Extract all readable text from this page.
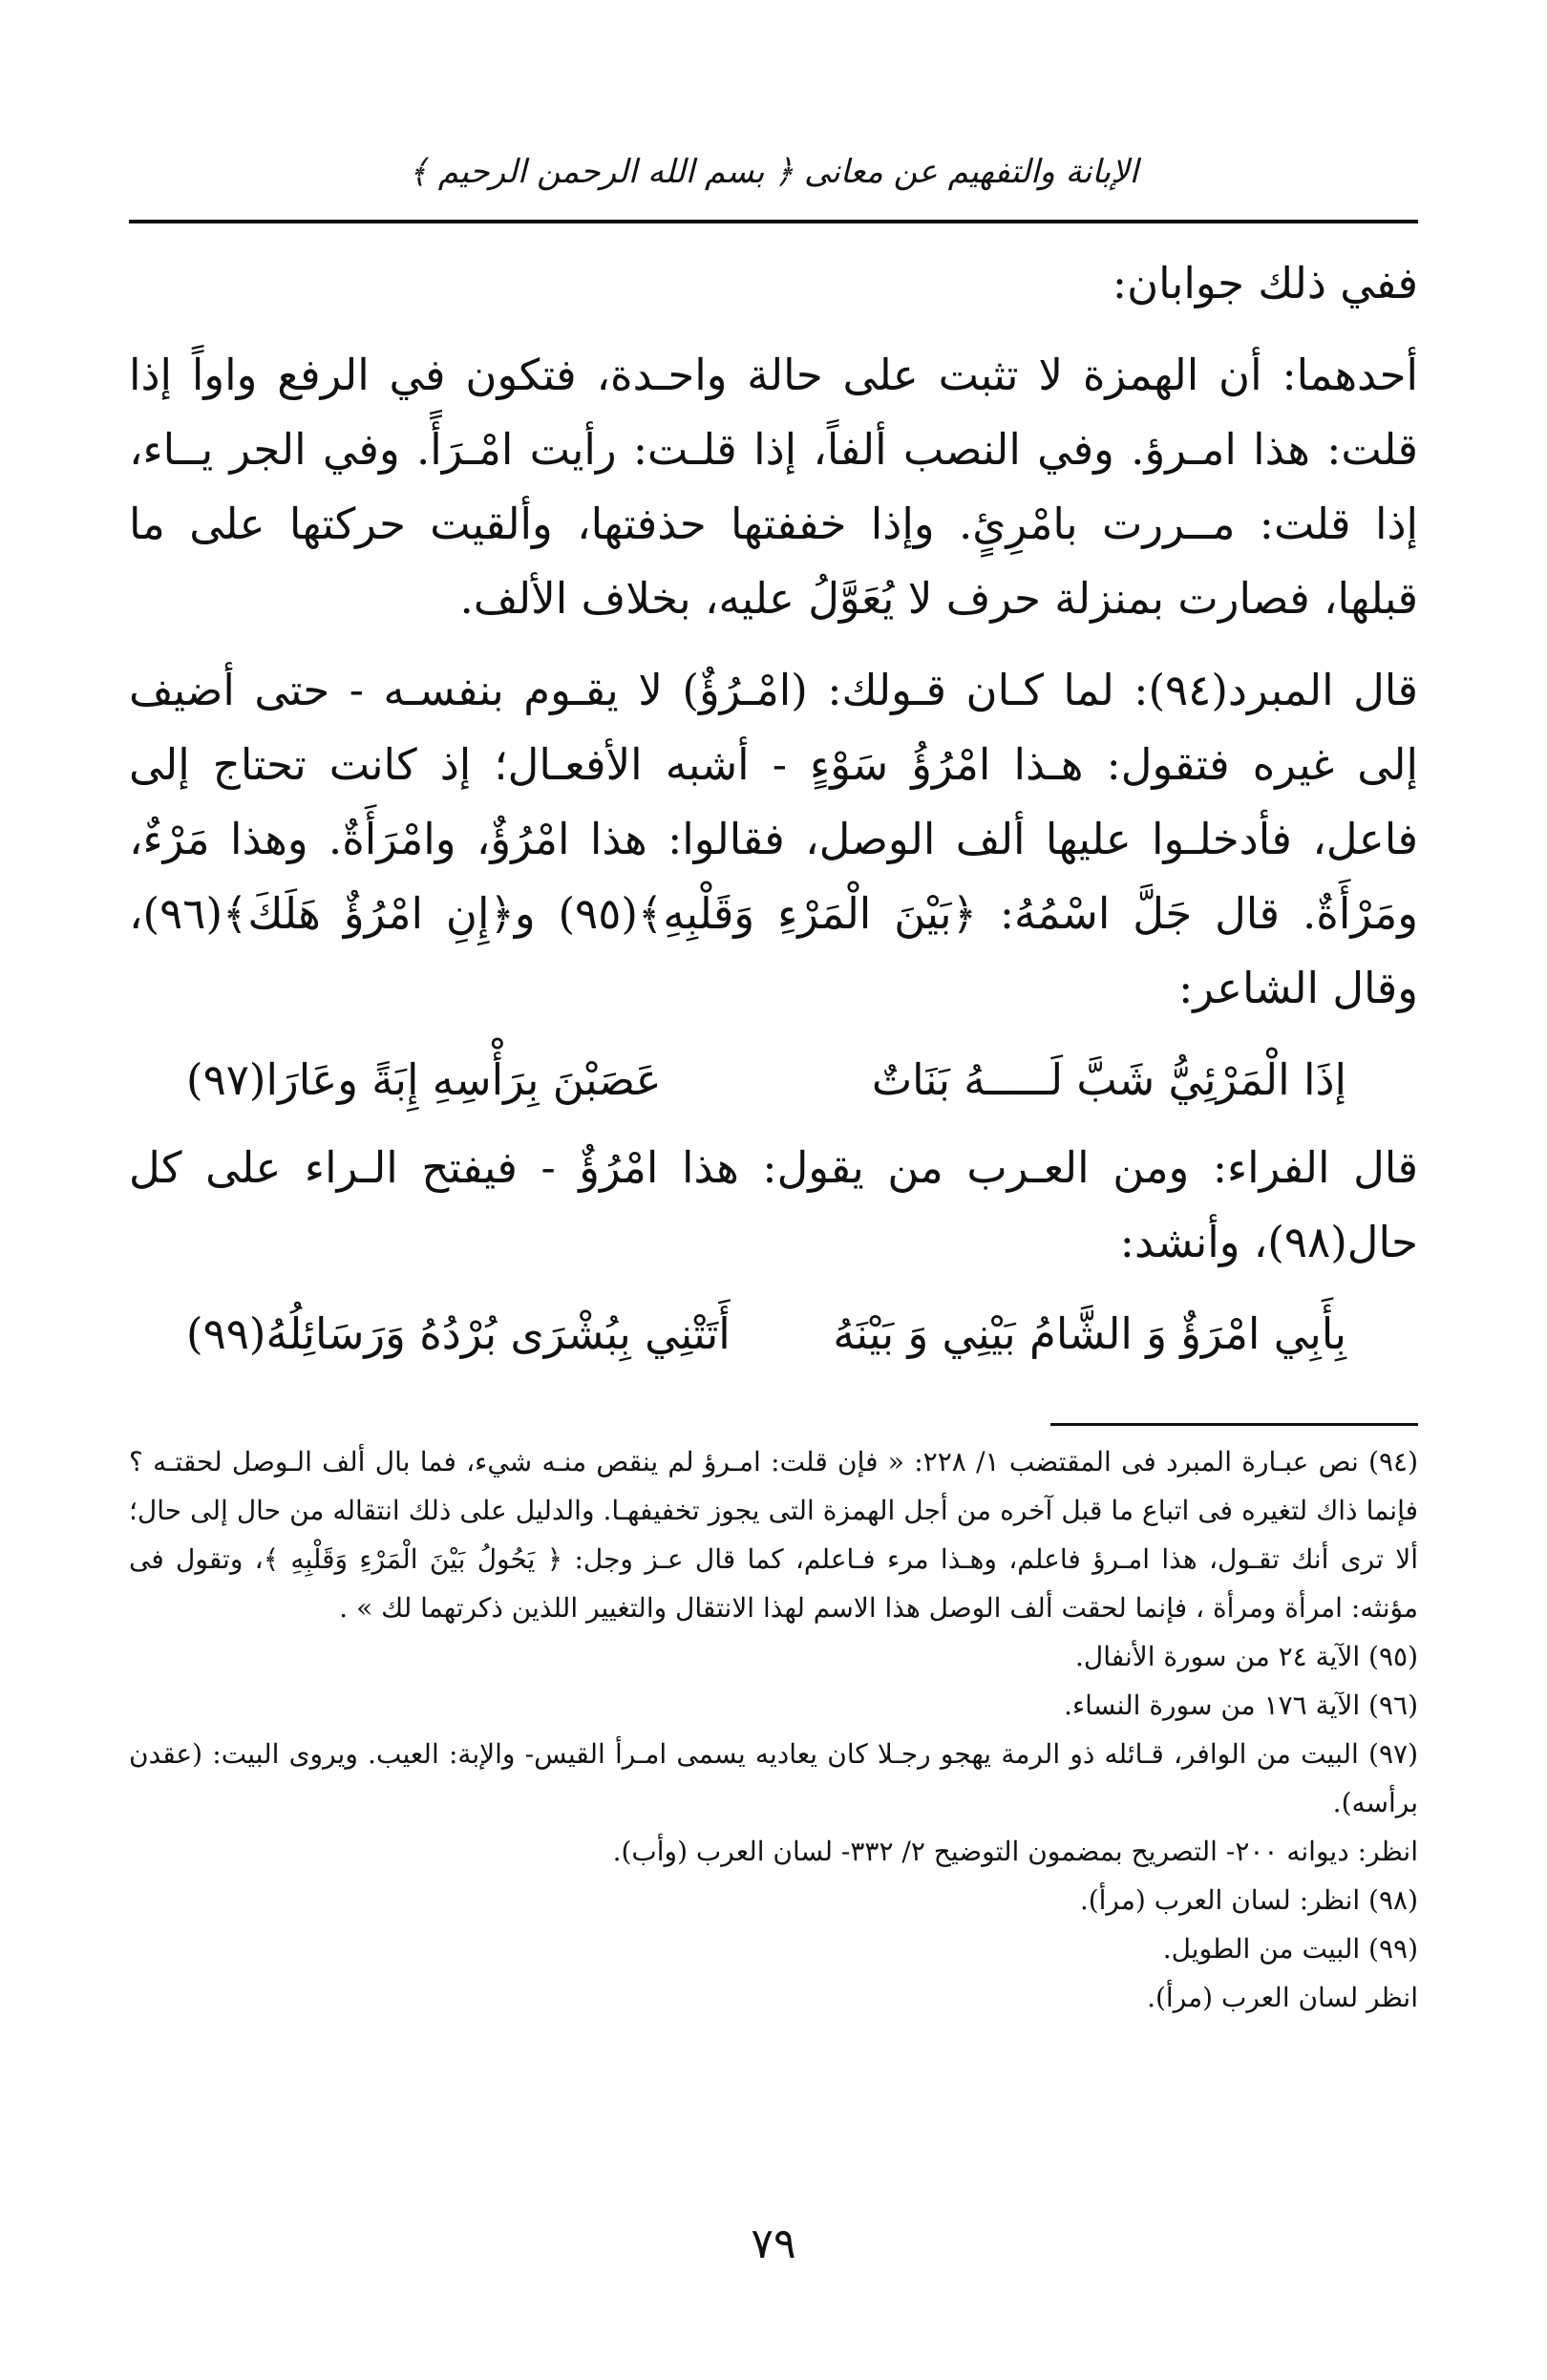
الإبانة والتفهيم عن معانى ﴿ بسم الله الرحمن الرحيم ﴾

ففي ذلك جوابان:

أحدهما: أن الهمزة لا تثبت على حالة واحـدة، فتكون في الرفع واواً إذا قلت: هذا امـرؤ. وفي النصب ألفاً، إذا قلـت: رأيت امْـرَأً. وفي الجر يــاء، إذا قلت: مــررت بامْرِئٍ. وإذا خففتها حذفتها، وألقيت حركتها على ما قبلها، فصارت بمنزلة حرف لا يُعَوَّلُ عليه، بخلاف الألف.

قال المبرد(٩٤): لما كـان قـولك: (امْـرُؤٌ) لا يقـوم بنفسـه - حتى أضيف إلى غيره فتقول: هـذا امْرُؤُ سَوْءٍ - أشبه الأفعـال؛ إذ كانت تحتاج إلى فاعل، فأدخلـوا عليها ألف الوصل، فقالوا: هذا امْرُؤٌ، وامْرَأَةٌ. وهذا مَرْءٌ، ومَرْأَةٌ. قال جَلَّ اسْمُهُ: ﴿بَيْنَ الْمَرْءِ وَقَلْبِهِ﴾(٩٥) و﴿إِنِ امْرُؤٌ هَلَكَ﴾(٩٦)، وقال الشاعر:

إذَا الْمَرْئِيُّ شَبَّ لَـــــهُ بَنَاتٌ
عَصَبْنَ بِرَأْسِهِ إِبَةً وعَارَا(٩٧)

قال الفراء: ومن العـرب من يقول: هذا امْرُؤٌ - فيفتح الـراء على كل حال(٩٨)، وأنشد:

بِأَبِي امْرَؤٌ وَ الشَّامُ بَيْنِي وَ بَيْنَهُ
أَتَتْنِي بِبُشْرَى بُرْدُهُ وَرَسَائِلُهُ(٩٩)

(٩٤) نص عبـارة المبرد فى المقتضب ١/ ٢٢٨: « فإن قلت: امـرؤ لم ينقص منـه شيء، فما بال ألف الـوصل لحقتـه ؟ فإنما ذاك لتغيره فى اتباع ما قبل آخره من أجل الهمزة التى يجوز تخفيفهـا. والدليل على ذلك انتقاله من حال إلى حال؛ ألا ترى أنك تقـول، هذا امـرؤ فاعلم، وهـذا مرء فـاعلم، كما قال عـز وجل: ﴿ يَحُولُ بَيْنَ الْمَرْءِ وَقَلْبِهِ ﴾، وتقول فى مؤنثه: امرأة ومرأة ، فإنما لحقت ألف الوصل هذا الاسم لهذا الانتقال والتغيير اللذين ذكرتهما لك » .

(٩٥) الآية ٢٤ من سورة الأنفال.

(٩٦) الآية ١٧٦ من سورة النساء.

(٩٧) البيت من الوافر، قـائله ذو الرمة يهجو رجـلا كان يعاديه يسمى امـرأ القيس- والإبة: العيب. ويروى البيت: (عقدن برأسه).

انظر: ديوانه ٢٠٠- التصريح بمضمون التوضيح ٢/ ٣٣٢- لسان العرب (وأب).

(٩٨) انظر: لسان العرب (مرأ).

(٩٩) البيت من الطويل.

انظر لسان العرب (مرأ).

٧٩
